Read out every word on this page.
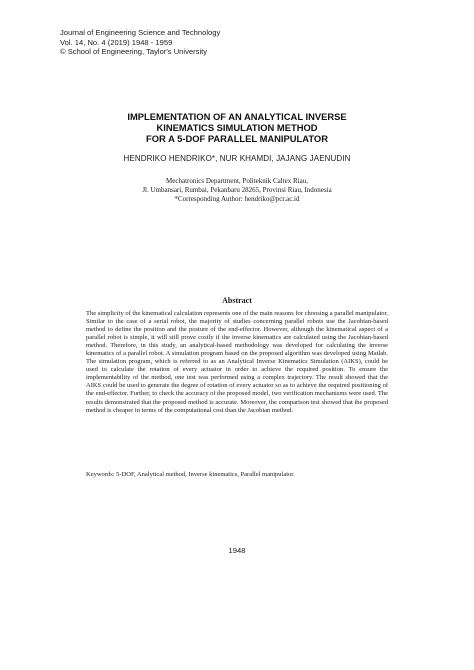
Journal of Engineering Science and Technology
Vol. 14, No. 4 (2019) 1948 - 1959
© School of Engineering, Taylor's University
IMPLEMENTATION OF AN ANALYTICAL INVERSE
KINEMATICS SIMULATION METHOD
FOR A 5-DOF PARALLEL MANIPULATOR
HENDRIKO HENDRIKO*, NUR KHAMDI, JAJANG JAENUDIN
Mechatronics Department, Politeknik Caltex Riau,
Jl. Umbansari, Rumbai, Pekanbaru 28265, Provinsi Riau, Indonesia
*Corresponding Author: hendriko@pcr.ac.id
Abstract
The simplicity of the kinematical calculation represents one of the main reasons for choosing a parallel manipulator. Similar to the case of a serial robot, the majority of studies concerning parallel robots use the Jacobian-based method to define the position and the posture of the end-effector. However, although the kinematical aspect of a parallel robot is simple, it will still prove costly if the inverse kinematics are calculated using the Jacobian-based method. Therefore, in this study, an analytical-based methodology was developed for calculating the inverse kinematics of a parallel robot. A simulation program based on the proposed algorithm was developed using Matlab. The simulation program, which is referred to as an Analytical Inverse Kinematics Simulation (AIKS), could be used to calculate the rotation of every actuator in order to achieve the required position. To ensure the implementability of the method, one test was performed using a complex trajectory. The result showed that the AIKS could be used to generate the degree of rotation of every actuator so as to achieve the required positioning of the end-effector. Further, to check the accuracy of the proposed model, two verification mechanisms were used. The results demonstrated that the proposed method is accurate. Moreover, the comparison test showed that the proposed method is cheaper in terms of the computational cost than the Jacobian method.
Keywords: 5-DOF, Analytical method, Inverse kinematics, Parallel manipulator.
1948
